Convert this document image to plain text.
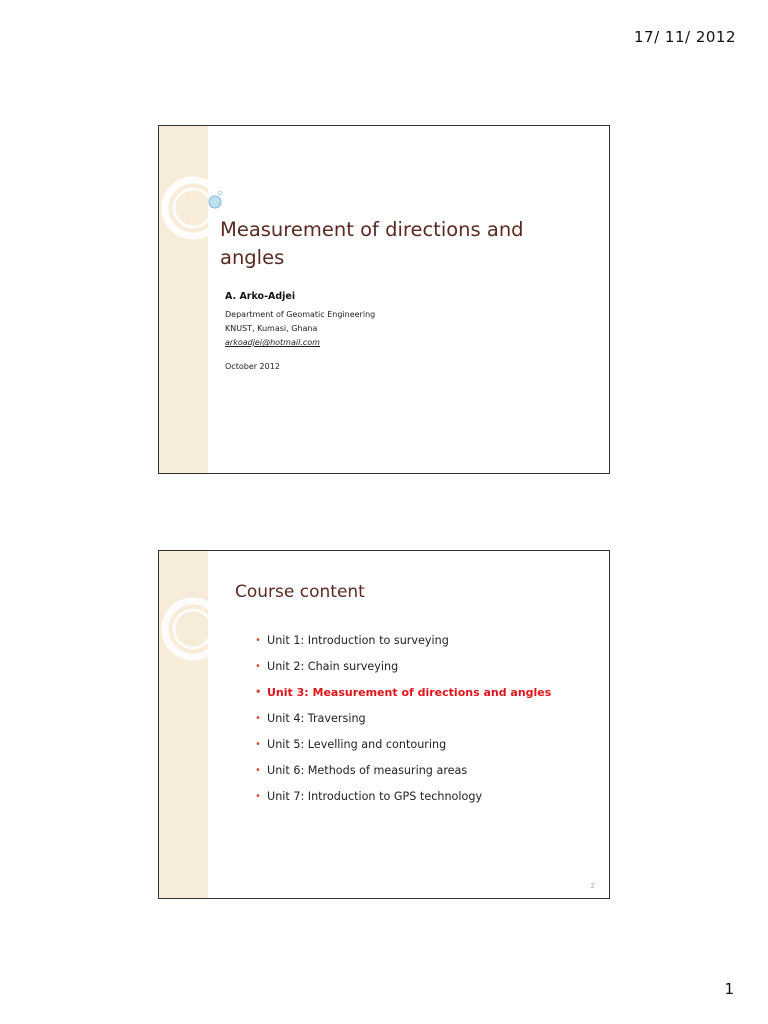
17/ 11/ 2012
Measurement of directions and angles
A. Arko-Adjei
Department of Geomatic Engineering
KNUST, Kumasi, Ghana
arkoadjei@hotmail.com
October 2012
Course content
• Unit 1: Introduction to surveying
• Unit 2: Chain surveying
• Unit 3: Measurement of directions and angles
• Unit 4: Traversing
• Unit 5: Levelling and contouring
• Unit 6: Methods of measuring areas
• Unit 7: Introduction to GPS technology
2
1
